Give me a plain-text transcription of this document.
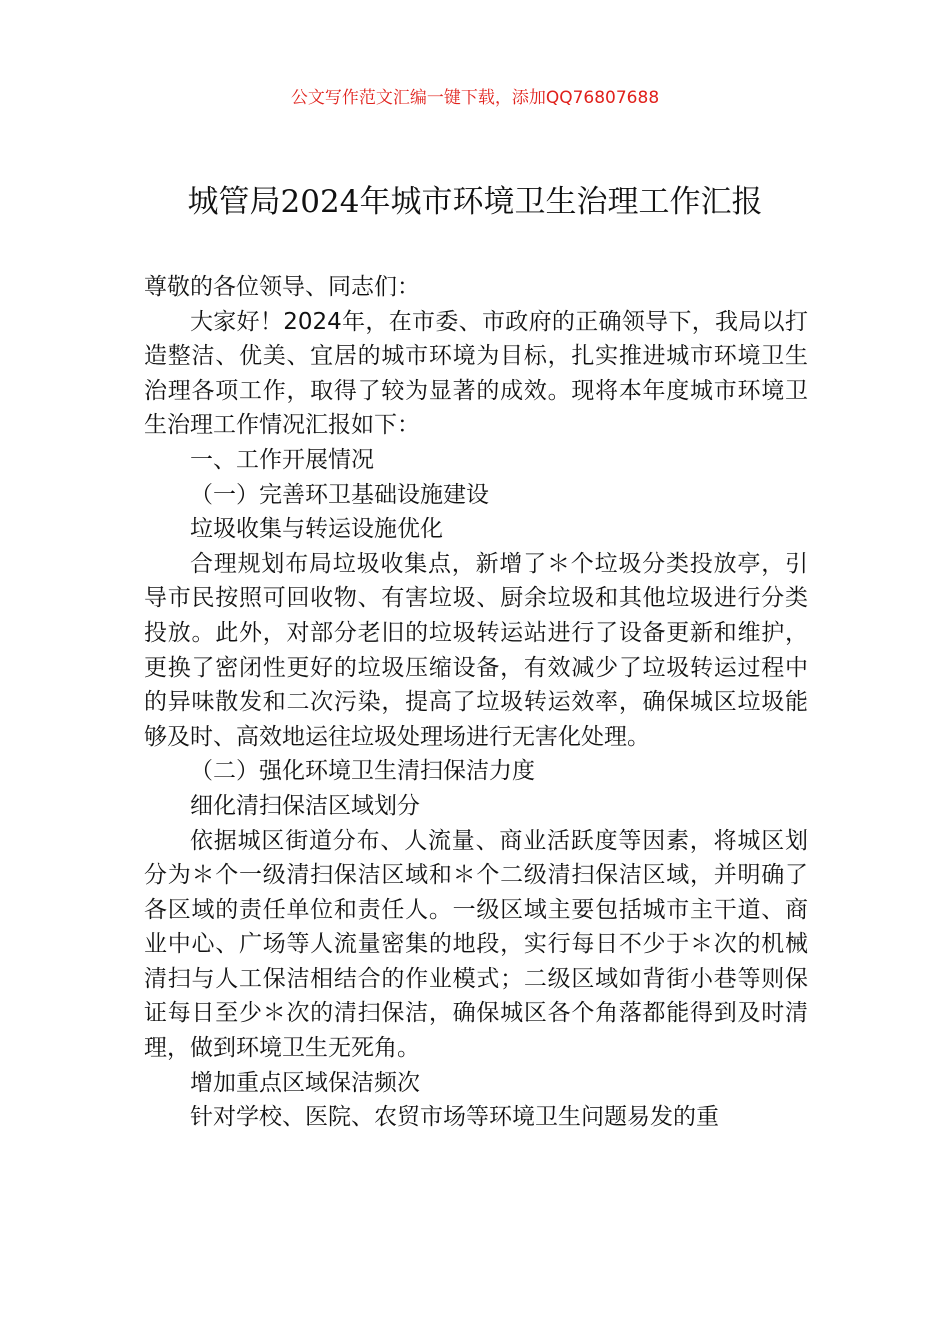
公文写作范文汇编一键下载，添加QQ76807688
城管局2024年城市环境卫生治理工作汇报

尊敬的各位领导、同志们：

大家好！2024年，在市委、市政府的正确领导下，我局以打造整洁、优美、宜居的城市环境为目标，扎实推进城市环境卫生治理各项工作，取得了较为显著的成效。现将本年度城市环境卫生治理工作情况汇报如下：

一、工作开展情况

（一）完善环卫基础设施建设

垃圾收集与转运设施优化

合理规划布局垃圾收集点，新增了＊个垃圾分类投放亭，引导市民按照可回收物、有害垃圾、厨余垃圾和其他垃圾进行分类投放。此外，对部分老旧的垃圾转运站进行了设备更新和维护，更换了密闭性更好的垃圾压缩设备，有效减少了垃圾转运过程中的异味散发和二次污染，提高了垃圾转运效率，确保城区垃圾能够及时、高效地运往垃圾处理场进行无害化处理。

（二）强化环境卫生清扫保洁力度

细化清扫保洁区域划分

依据城区街道分布、人流量、商业活跃度等因素，将城区划分为＊个一级清扫保洁区域和＊个二级清扫保洁区域，并明确了各区域的责任单位和责任人。一级区域主要包括城市主干道、商业中心、广场等人流量密集的地段，实行每日不少于＊次的机械清扫与人工保洁相结合的作业模式；二级区域如背街小巷等则保证每日至少＊次的清扫保洁，确保城区各个角落都能得到及时清理，做到环境卫生无死角。

增加重点区域保洁频次

针对学校、医院、农贸市场等环境卫生问题易发的重
